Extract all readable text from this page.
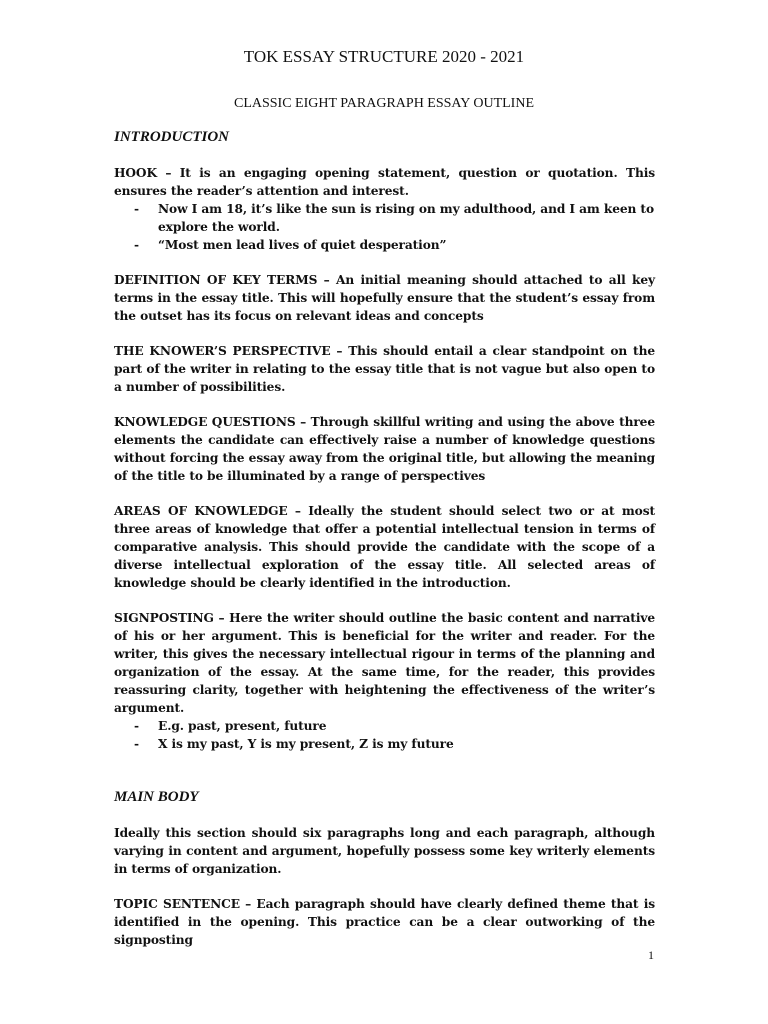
TOK ESSAY STRUCTURE 2020 - 2021
CLASSIC EIGHT PARAGRAPH ESSAY OUTLINE
INTRODUCTION

HOOK – It is an engaging opening statement, question or quotation. This ensures the reader’s attention and interest.

- Now I am 18, it’s like the sun is rising on my adulthood, and I am keen to explore the world.
- “Most men lead lives of quiet desperation”

DEFINITION OF KEY TERMS – An initial meaning should attached to all key terms in the essay title. This will hopefully ensure that the student’s essay from the outset has its focus on relevant ideas and concepts

THE KNOWER’S PERSPECTIVE – This should entail a clear standpoint on the part of the writer in relating to the essay title that is not vague but also open to a number of possibilities.

KNOWLEDGE QUESTIONS – Through skillful writing and using the above three elements the candidate can effectively raise a number of knowledge questions without forcing the essay away from the original title, but allowing the meaning of the title to be illuminated by a range of perspectives

AREAS OF KNOWLEDGE – Ideally the student should select two or at most three areas of knowledge that offer a potential intellectual tension in terms of comparative analysis. This should provide the candidate with the scope of a diverse intellectual exploration of the essay title. All selected areas of knowledge should be clearly identified in the introduction.

SIGNPOSTING – Here the writer should outline the basic content and narrative of his or her argument. This is beneficial for the writer and reader. For the writer, this gives the necessary intellectual rigour in terms of the planning and organization of the essay. At the same time, for the reader, this provides reassuring clarity, together with heightening the effectiveness of the writer’s argument.

- E.g. past, present, future
- X is my past, Y is my present, Z is my future
MAIN BODY

Ideally this section should six paragraphs long and each paragraph, although varying in content and argument, hopefully possess some key writerly elements in terms of organization.

TOPIC SENTENCE – Each paragraph should have clearly defined theme that is identified in the opening. This practice can be a clear outworking of the signposting

1
